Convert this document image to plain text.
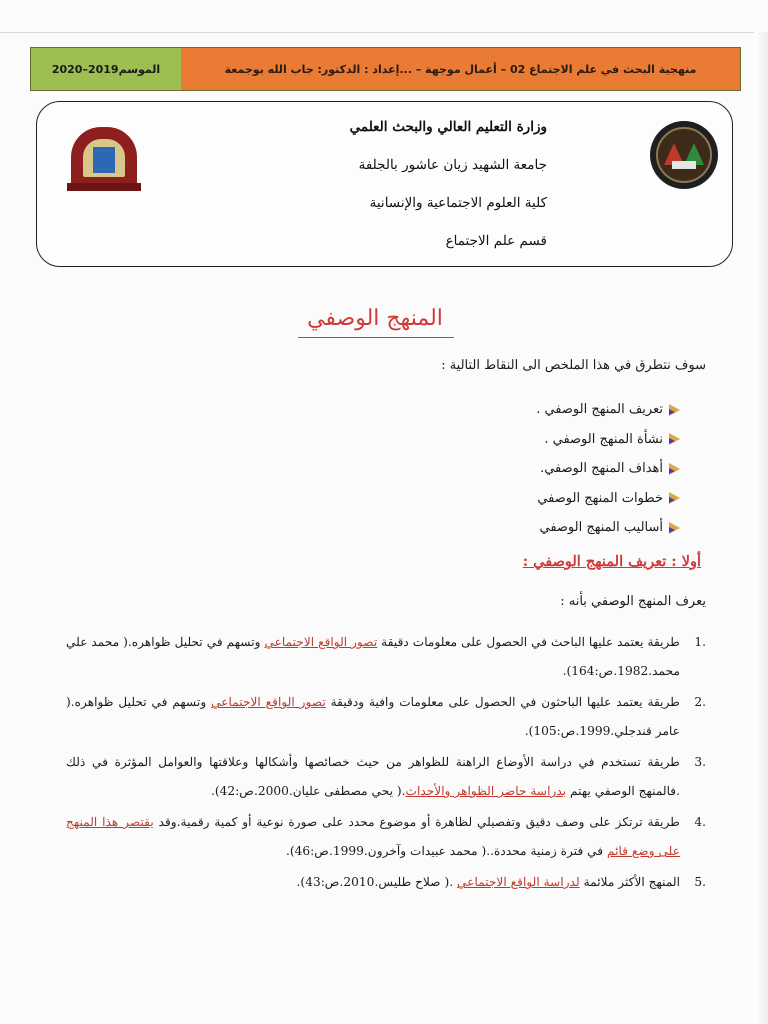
الموسم2019–2020	منهجية البحث في علم الاجتماع 02 – أعمال موجهة – ...إعداد : الدكتور: جاب الله بوجمعة
وزارة التعليم العالي والبحث العلمي
جامعة الشهيد زيان عاشور بالجلفة
كلية العلوم الاجتماعية والإنسانية
قسم علم الاجتماع
المنهج الوصفي
سوف نتطرق في هذا الملخص الى النقاط التالية :
تعريف المنهج الوصفي .
نشأة المنهج الوصفي .
أهداف المنهج الوصفي.
خطوات المنهج الوصفي
أساليب المنهج الوصفي
أولا : تعريف المنهج الوصفي :
يعرف المنهج الوصفي بأنه :
.1
طريقة يعتمد عليها الباحث في الحصول على معلومات دقيقة تصور الواقع الاجتماعي وتسهم في تحليل ظواهره.( محمد علي محمد.1982.ص:164).
.2
طريقة يعتمد عليها الباحثون في الحصول على معلومات وافية ودقيقة تصور الواقع الاجتماعي وتسهم في تحليل ظواهره.( عامر قندجلي.1999.ص:105).
.3
طريقة تستخدم في دراسة الأوضاع الراهنة للظواهر من حيث خصائصها وأشكالها وعلاقتها والعوامل المؤثرة في ذلك .فالمنهج الوصفي يهتم بدراسة حاضر الظواهر والأحداث.( يحي مصطفى عليان.2000.ص:42).
.4
طريقة ترتكز على وصف دقيق وتفصيلي لظاهرة أو موضوع محدد على صورة نوعية أو كمية رقمية.وقد يقتصر هذا المنهج على وضع قائم في فترة زمنية محددة..( محمد عبيدات وآخرون.1999.ص:46).
.5
المنهج الأكثر ملائمة لدراسة الواقع الاجتماعي .( صلاح طليس.2010.ص:43).
